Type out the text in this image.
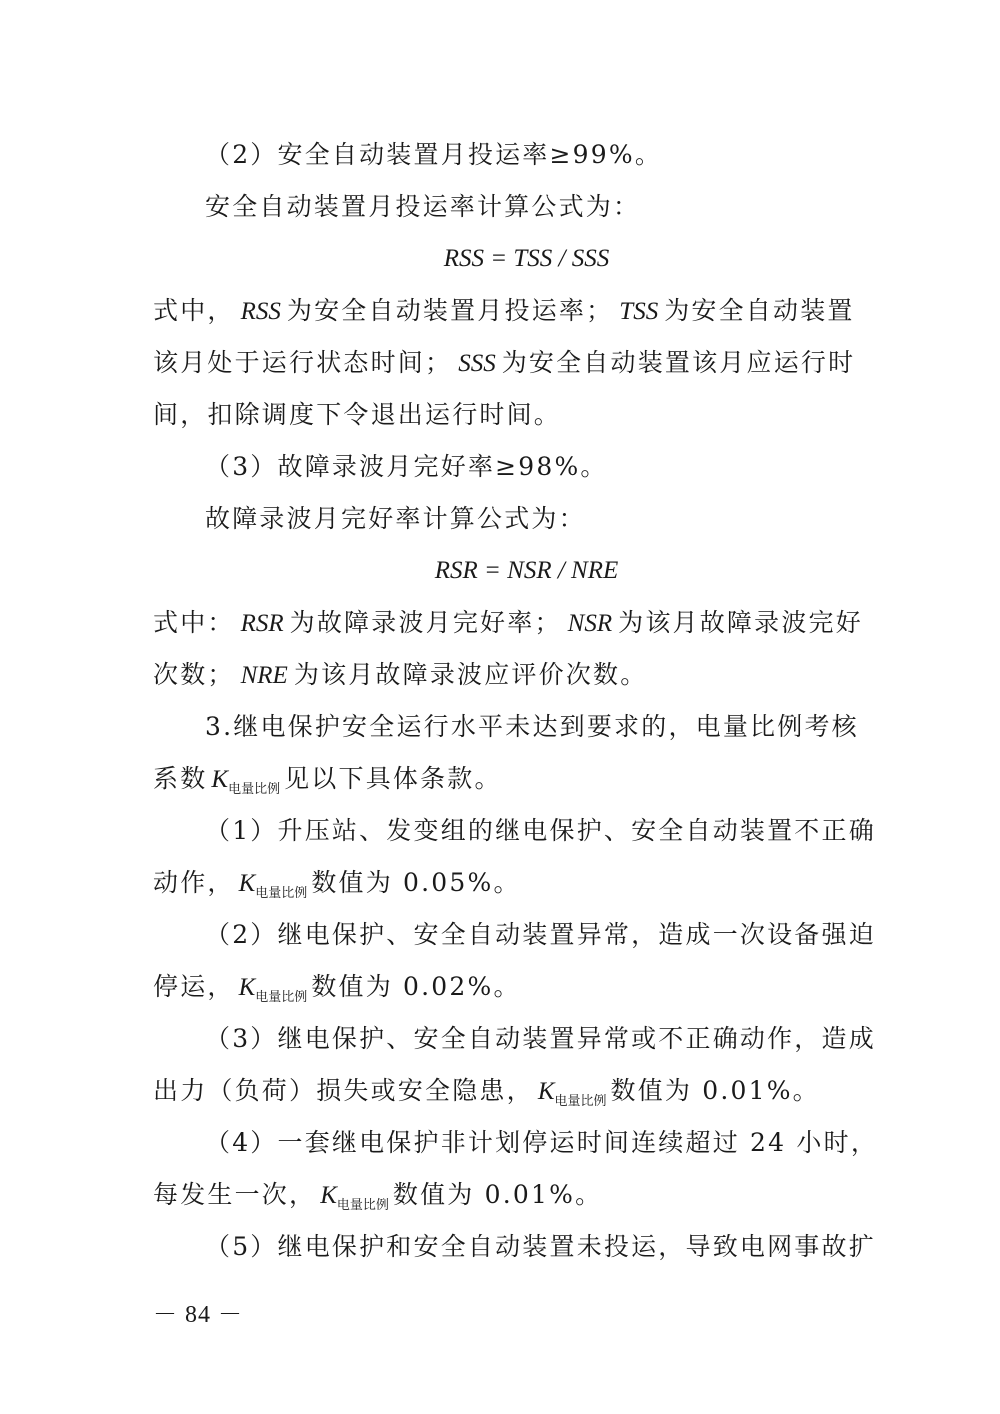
（2）安全自动装置月投运率≥99%。
安全自动装置月投运率计算公式为：
RSS = TSS / SSS
式中， RSS 为安全自动装置月投运率； TSS 为安全自动装置
该月处于运行状态时间； SSS 为安全自动装置该月应运行时
间，扣除调度下令退出运行时间。
（3）故障录波月完好率≥98%。
故障录波月完好率计算公式为：
RSR = NSR / NRE
式中： RSR 为故障录波月完好率； NSR 为该月故障录波完好
次数； NRE 为该月故障录波应评价次数。
3.继电保护安全运行水平未达到要求的，电量比例考核
系数 $K_{电量比例}$ 见以下具体条款。
（1）升压站、发变组的继电保护、安全自动装置不正确
动作， $K_{电量比例}$ 数值为 0.05%。
（2）继电保护、安全自动装置异常，造成一次设备强迫
停运， $K_{电量比例}$ 数值为 0.02%。
（3）继电保护、安全自动装置异常或不正确动作，造成
出力（负荷）损失或安全隐患， $K_{电量比例}$ 数值为 0.01%。
（4）一套继电保护非计划停运时间连续超过 24 小时，
每发生一次， $K_{电量比例}$ 数值为 0.01%。
（5）继电保护和安全自动装置未投运，导致电网事故扩
－ 84 －
